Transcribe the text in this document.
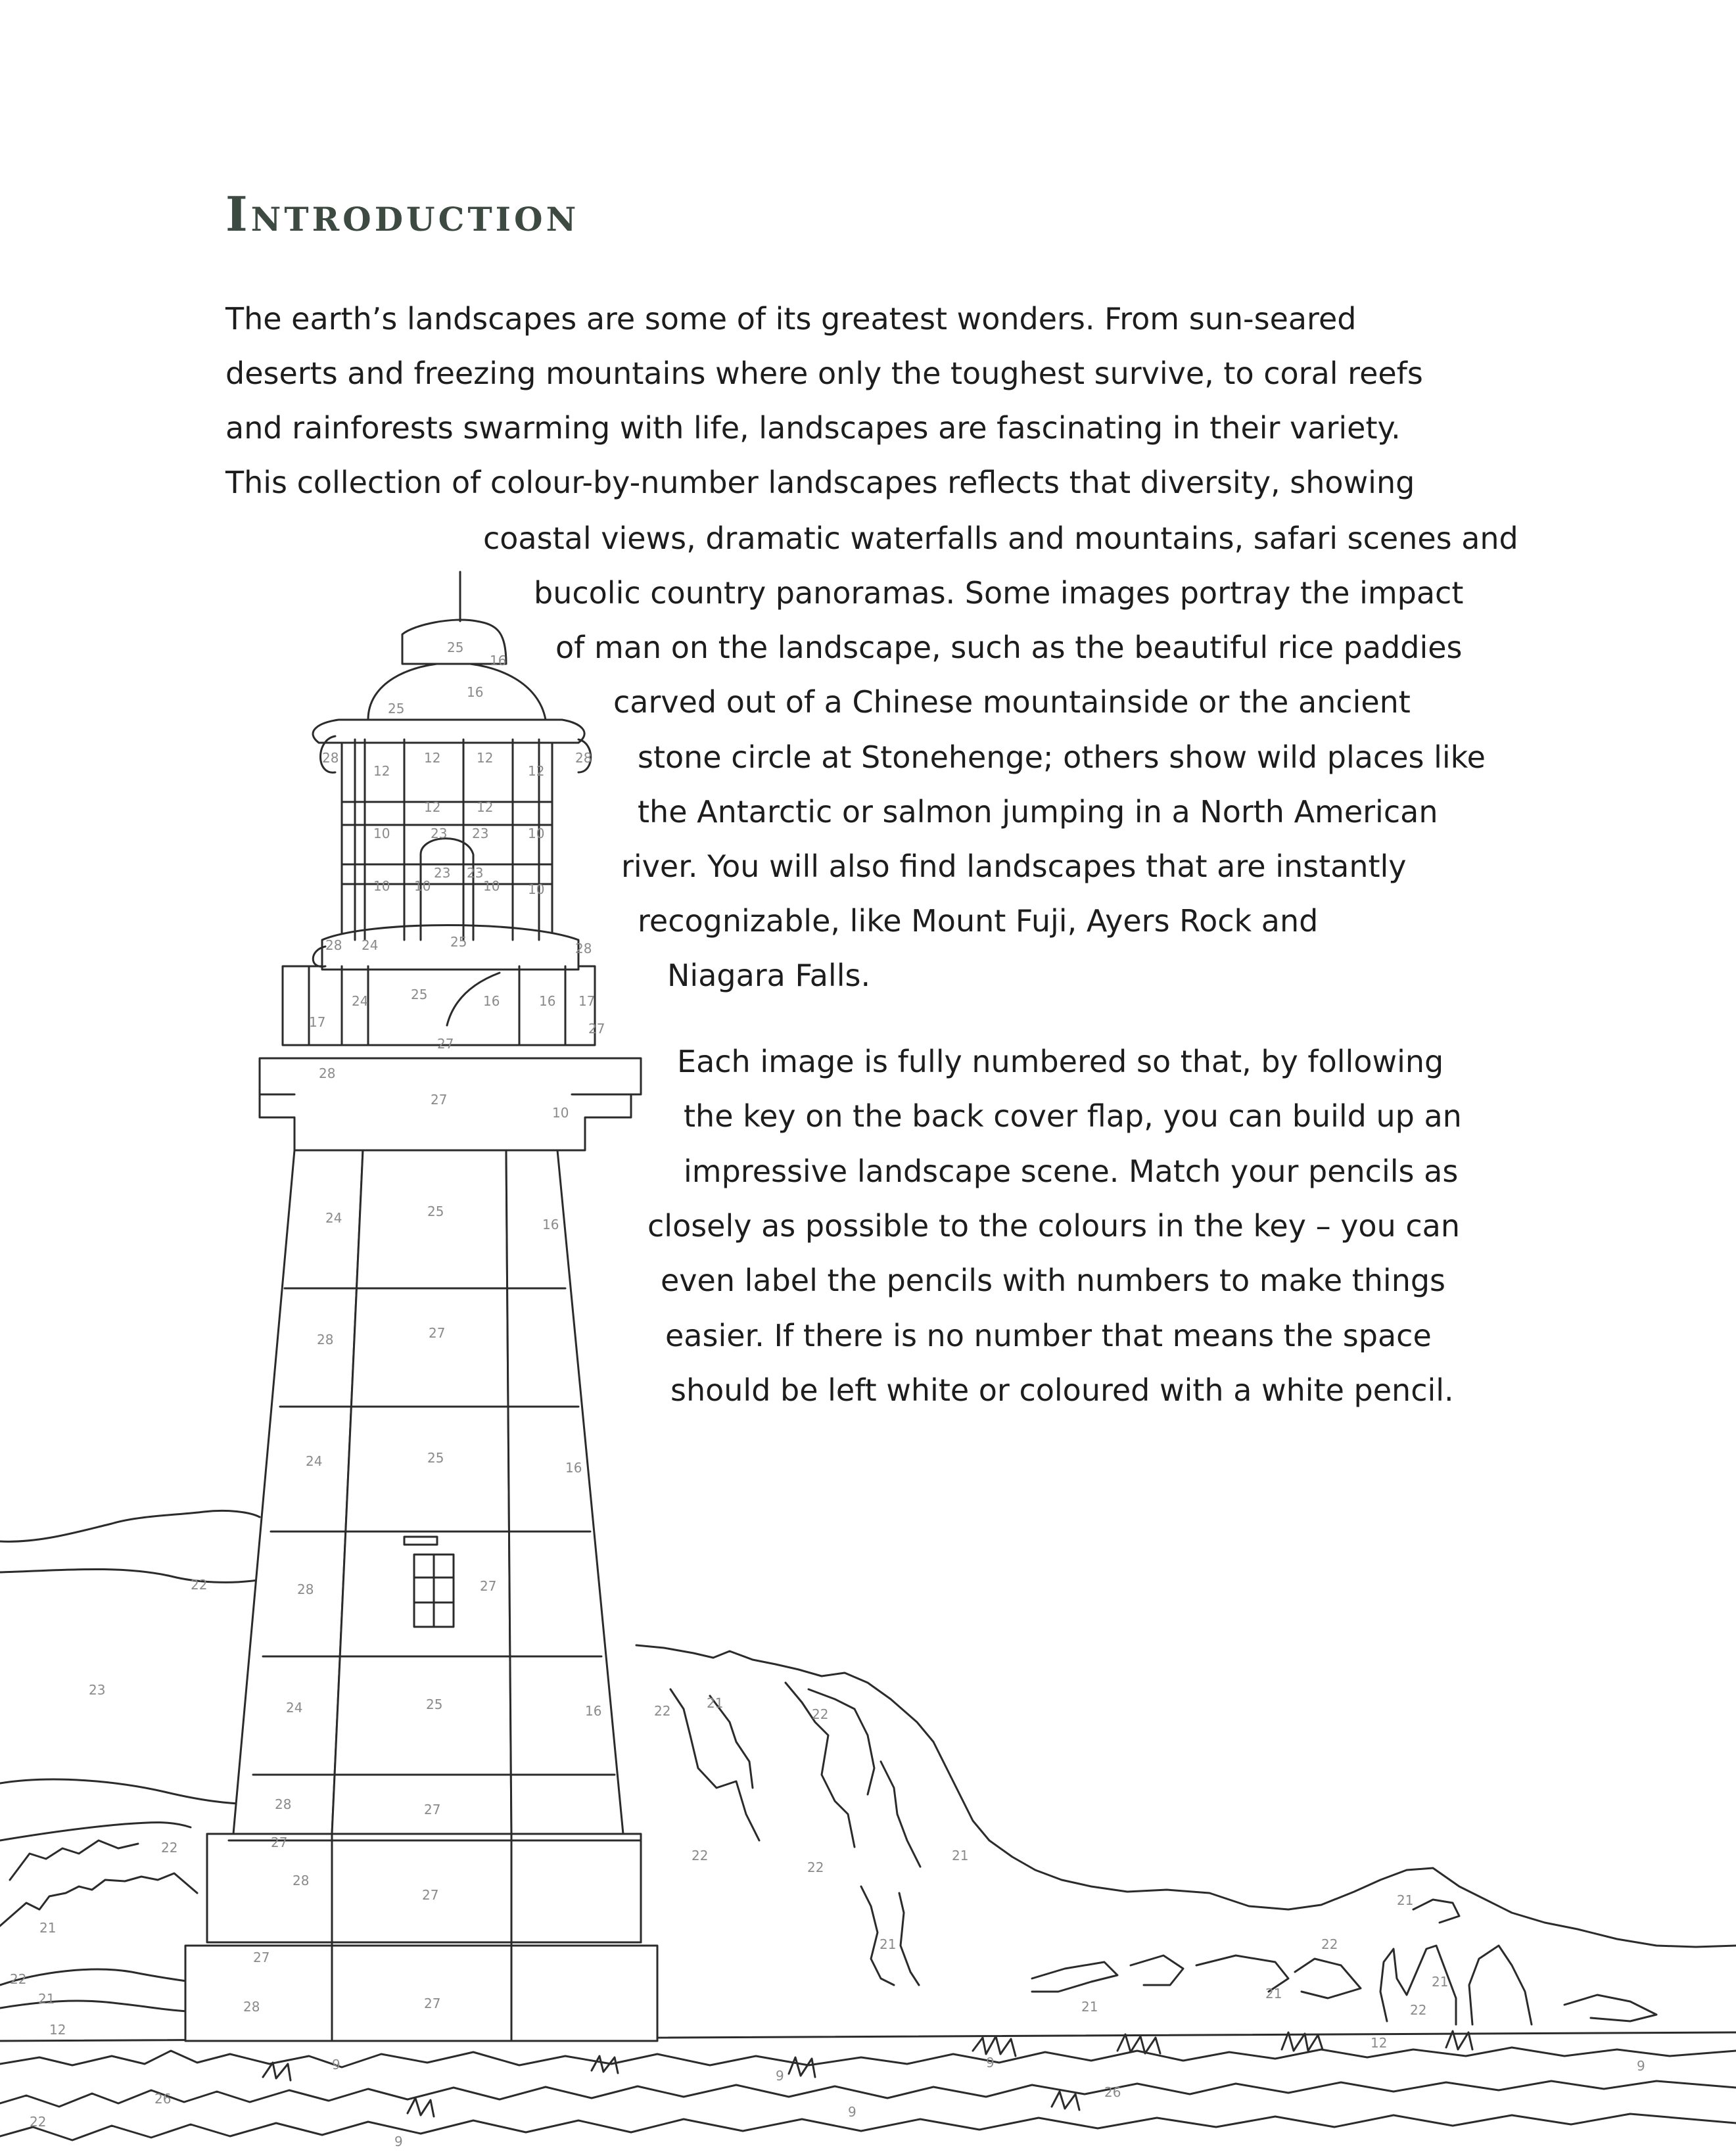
25
16
25
16
12
12	12
12
12	12
10	10
23 23
10 10	10 10
23 23
28	28
28	28
24	25
24	25	16	16
17
17
27
27
28
27
10
24	25
16
28	27
24	25
16
28	27
24	25	16
28	27
27
28
27
27
28	27
22
23
22
21
22
21
12
22	21
22
22
22
21
21
21
21
22
21
21
22
9
26
22
9
9
9
26
9
12
9
Introduction

The earth’s landscapes are some of its greatest wonders. From sun-seared

deserts and freezing mountains where only the toughest survive, to coral reefs

and rainforests swarming with life, landscapes are fascinating in their variety.

This collection of colour-by-number landscapes reflects that diversity, showing

coastal views, dramatic waterfalls and mountains, safari scenes and

bucolic country panoramas. Some images portray the impact

of man on the landscape, such as the beautiful rice paddies

carved out of a Chinese mountainside or the ancient

stone circle at Stonehenge; others show wild places like

the Antarctic or salmon jumping in a North American

river. You will also find landscapes that are instantly

recognizable, like Mount Fuji, Ayers Rock and

Niagara Falls.

Each image is fully numbered so that, by following

the key on the back cover flap, you can build up an

impressive landscape scene. Match your pencils as

closely as possible to the colours in the key – you can

even label the pencils with numbers to make things

easier. If there is no number that means the space

should be left white or coloured with a white pencil.
